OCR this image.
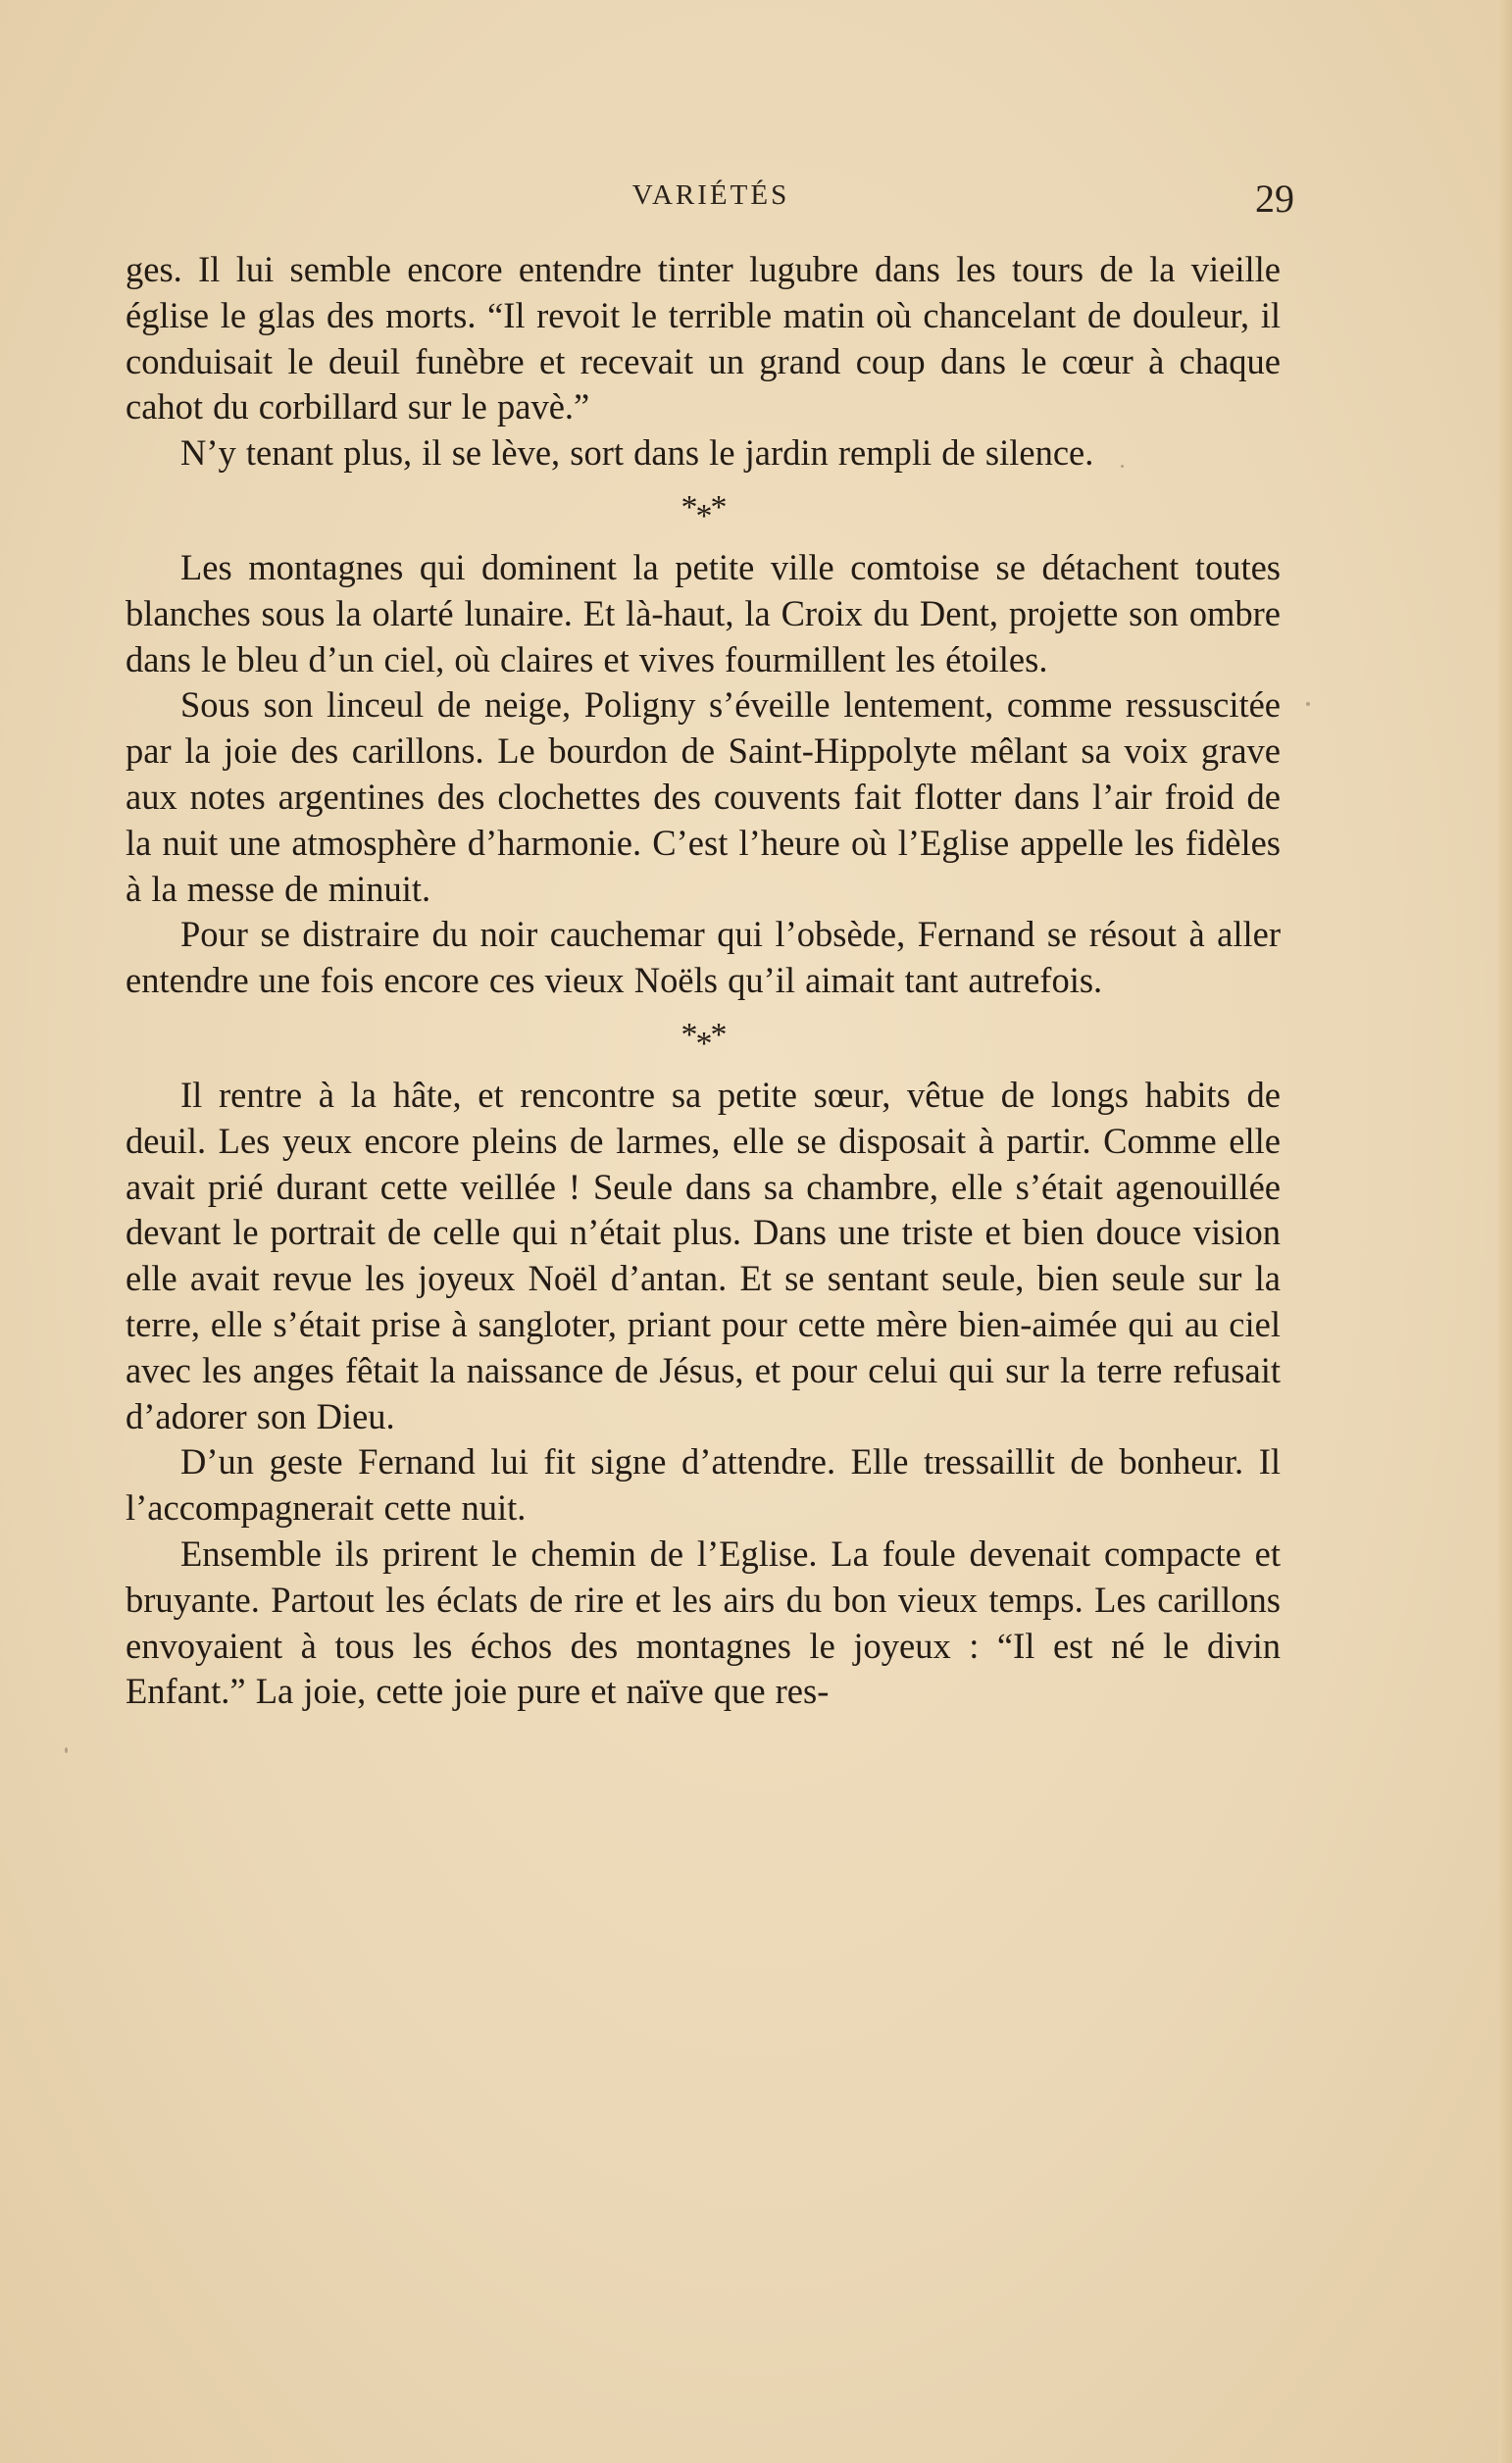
VARIÉTÉS	29

ges. Il lui semble encore entendre tinter lugubre dans les tours de la vieille église le glas des morts. “Il revoit le terrible matin où chancelant de douleur, il conduisait le deuil funèbre et recevait un grand coup dans le cœur à chaque cahot du corbillard sur le pavè.”

N’y tenant plus, il se lève, sort dans le jardin rempli de silence.

***

Les montagnes qui dominent la petite ville comtoise se détachent toutes blanches sous la olarté lunaire. Et là-haut, la Croix du Dent, projette son ombre dans le bleu d’un ciel, où claires et vives fourmillent les étoiles.

Sous son linceul de neige, Poligny s’éveille lentement, comme ressuscitée par la joie des carillons. Le bourdon de Saint-Hippolyte mêlant sa voix grave aux notes argentines des clochettes des couvents fait flotter dans l’air froid de la nuit une atmosphère d’harmonie. C’est l’heure où l’Eglise appelle les fidèles à la messe de minuit.

Pour se distraire du noir cauchemar qui l’obsède, Fernand se résout à aller entendre une fois encore ces vieux Noëls qu’il aimait tant autrefois.

***

Il rentre à la hâte, et rencontre sa petite sœur, vêtue de longs habits de deuil. Les yeux encore pleins de larmes, elle se disposait à partir. Comme elle avait prié durant cette veillée ! Seule dans sa chambre, elle s’était agenouillée devant le portrait de celle qui n’était plus. Dans une triste et bien douce vision elle avait revue les joyeux Noël d’antan. Et se sentant seule, bien seule sur la terre, elle s’était prise à sangloter, priant pour cette mère bien-aimée qui au ciel avec les anges fêtait la naissance de Jésus, et pour celui qui sur la terre refusait d’adorer son Dieu.

D’un geste Fernand lui fit signe d’attendre. Elle tressaillit de bonheur. Il l’accompagnerait cette nuit.

Ensemble ils prirent le chemin de l’Eglise. La foule devenait compacte et bruyante. Partout les éclats de rire et les airs du bon vieux temps. Les carillons envoyaient à tous les échos des montagnes le joyeux : “Il est né le divin Enfant.” La joie, cette joie pure et naïve que res-
